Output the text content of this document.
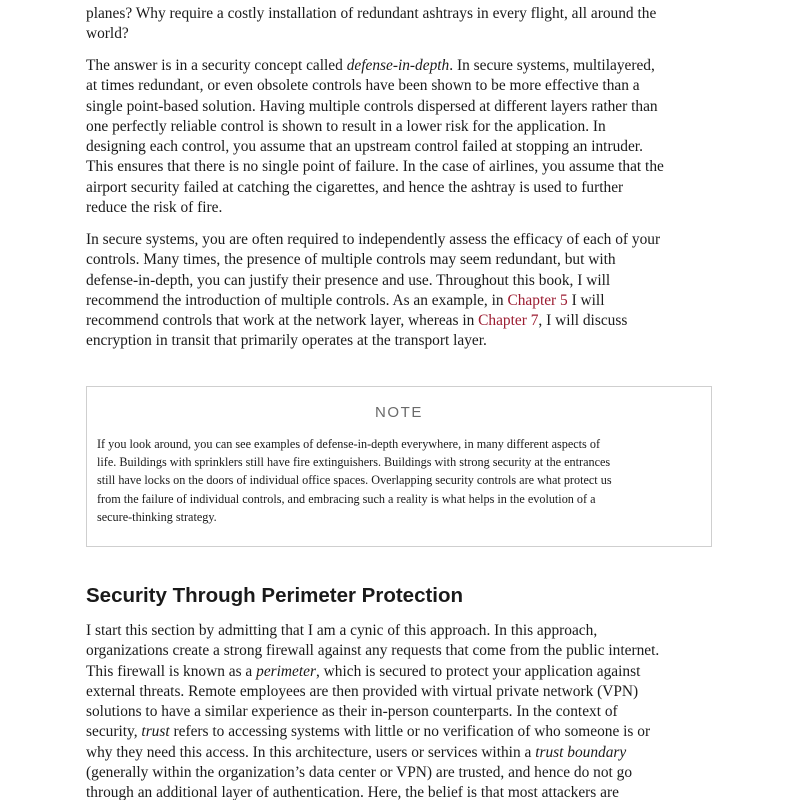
planes? Why require a costly installation of redundant ashtrays in every flight, all around the
world?

The answer is in a security concept called defense-in-depth. In secure systems, multilayered,
at times redundant, or even obsolete controls have been shown to be more effective than a
single point-based solution. Having multiple controls dispersed at different layers rather than
one perfectly reliable control is shown to result in a lower risk for the application. In
designing each control, you assume that an upstream control failed at stopping an intruder.
This ensures that there is no single point of failure. In the case of airlines, you assume that the
airport security failed at catching the cigarettes, and hence the ashtray is used to further
reduce the risk of fire.

In secure systems, you are often required to independently assess the efficacy of each of your
controls. Many times, the presence of multiple controls may seem redundant, but with
defense-in-depth, you can justify their presence and use. Throughout this book, I will
recommend the introduction of multiple controls. As an example, in Chapter 5 I will
recommend controls that work at the network layer, whereas in Chapter 7, I will discuss
encryption in transit that primarily operates at the transport layer.

NOTE

If you look around, you can see examples of defense-in-depth everywhere, in many different aspects of
life. Buildings with sprinklers still have fire extinguishers. Buildings with strong security at the entrances
still have locks on the doors of individual office spaces. Overlapping security controls are what protect us
from the failure of individual controls, and embracing such a reality is what helps in the evolution of a
secure-thinking strategy.

Security Through Perimeter Protection

I start this section by admitting that I am a cynic of this approach. In this approach,
organizations create a strong firewall against any requests that come from the public internet.
This firewall is known as a perimeter, which is secured to protect your application against
external threats. Remote employees are then provided with virtual private network (VPN)
solutions to have a similar experience as their in-person counterparts. In the context of
security, trust refers to accessing systems with little or no verification of who someone is or
why they need this access. In this architecture, users or services within a trust boundary
(generally within the organization’s data center or VPN) are trusted, and hence do not go
through an additional layer of authentication. Here, the belief is that most attackers are
